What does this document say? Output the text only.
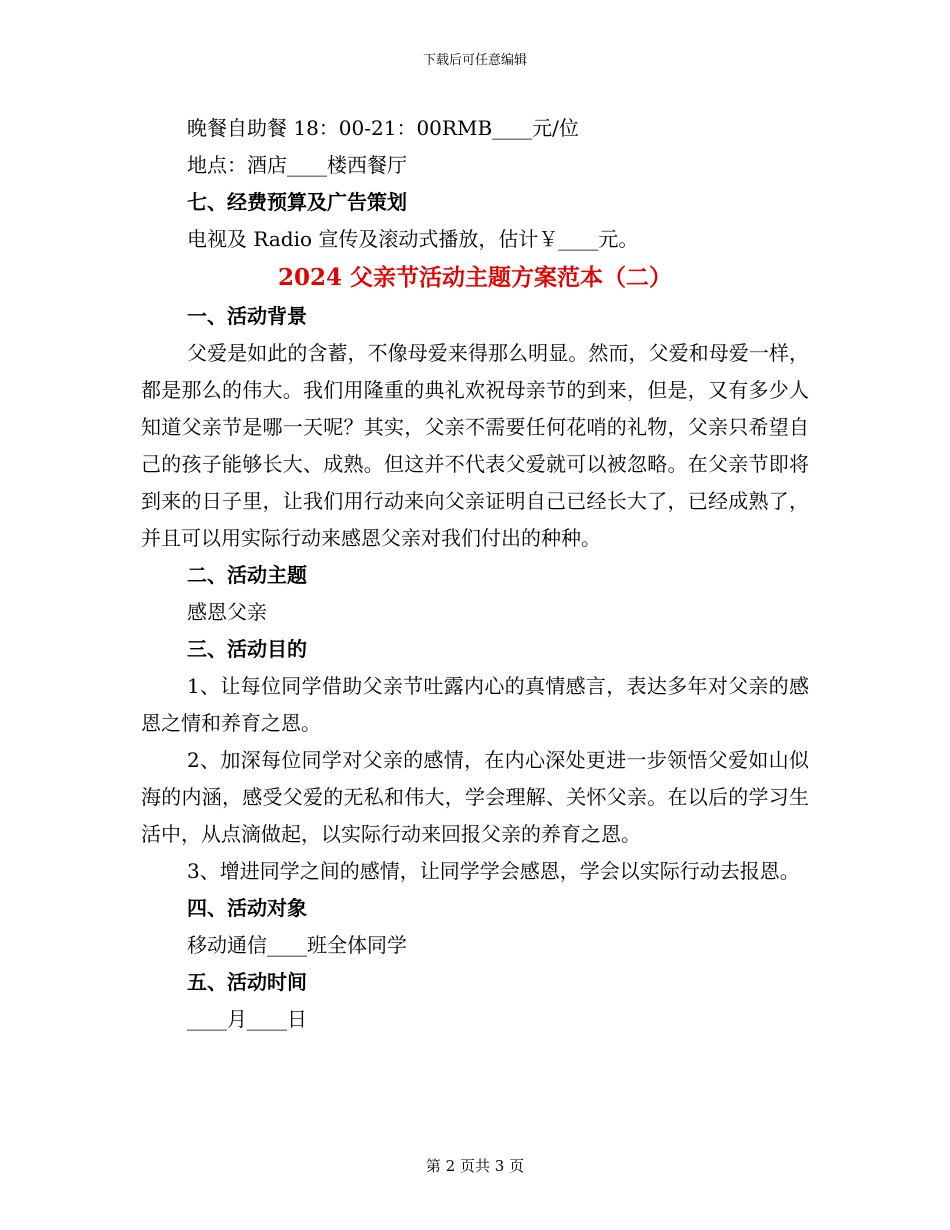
下载后可任意编辑
晚餐自助餐 18：00-21：00RMB____元/位
地点：酒店____楼西餐厅
七、经费预算及广告策划
电视及 Radio 宣传及滚动式播放，估计￥____元。
2024 父亲节活动主题方案范本（二）
一、活动背景

父爱是如此的含蓄，不像母爱来得那么明显。然而，父爱和母爱一样，都是那么的伟大。我们用隆重的典礼欢祝母亲节的到来，但是，又有多少人知道父亲节是哪一天呢？其实，父亲不需要任何花哨的礼物，父亲只希望自己的孩子能够长大、成熟。但这并不代表父爱就可以被忽略。在父亲节即将到来的日子里，让我们用行动来向父亲证明自己已经长大了，已经成熟了，并且可以用实际行动来感恩父亲对我们付出的种种。

二、活动主题
感恩父亲
三、活动目的

1、让每位同学借助父亲节吐露内心的真情感言，表达多年对父亲的感恩之情和养育之恩。

2、加深每位同学对父亲的感情，在内心深处更进一步领悟父爱如山似海的内涵，感受父爱的无私和伟大，学会理解、关怀父亲。在以后的学习生活中，从点滴做起，以实际行动来回报父亲的养育之恩。

3、增进同学之间的感情，让同学学会感恩，学会以实际行动去报恩。

四、活动对象
移动通信____班全体同学
五、活动时间
____月____日
第 2 页共 3 页
